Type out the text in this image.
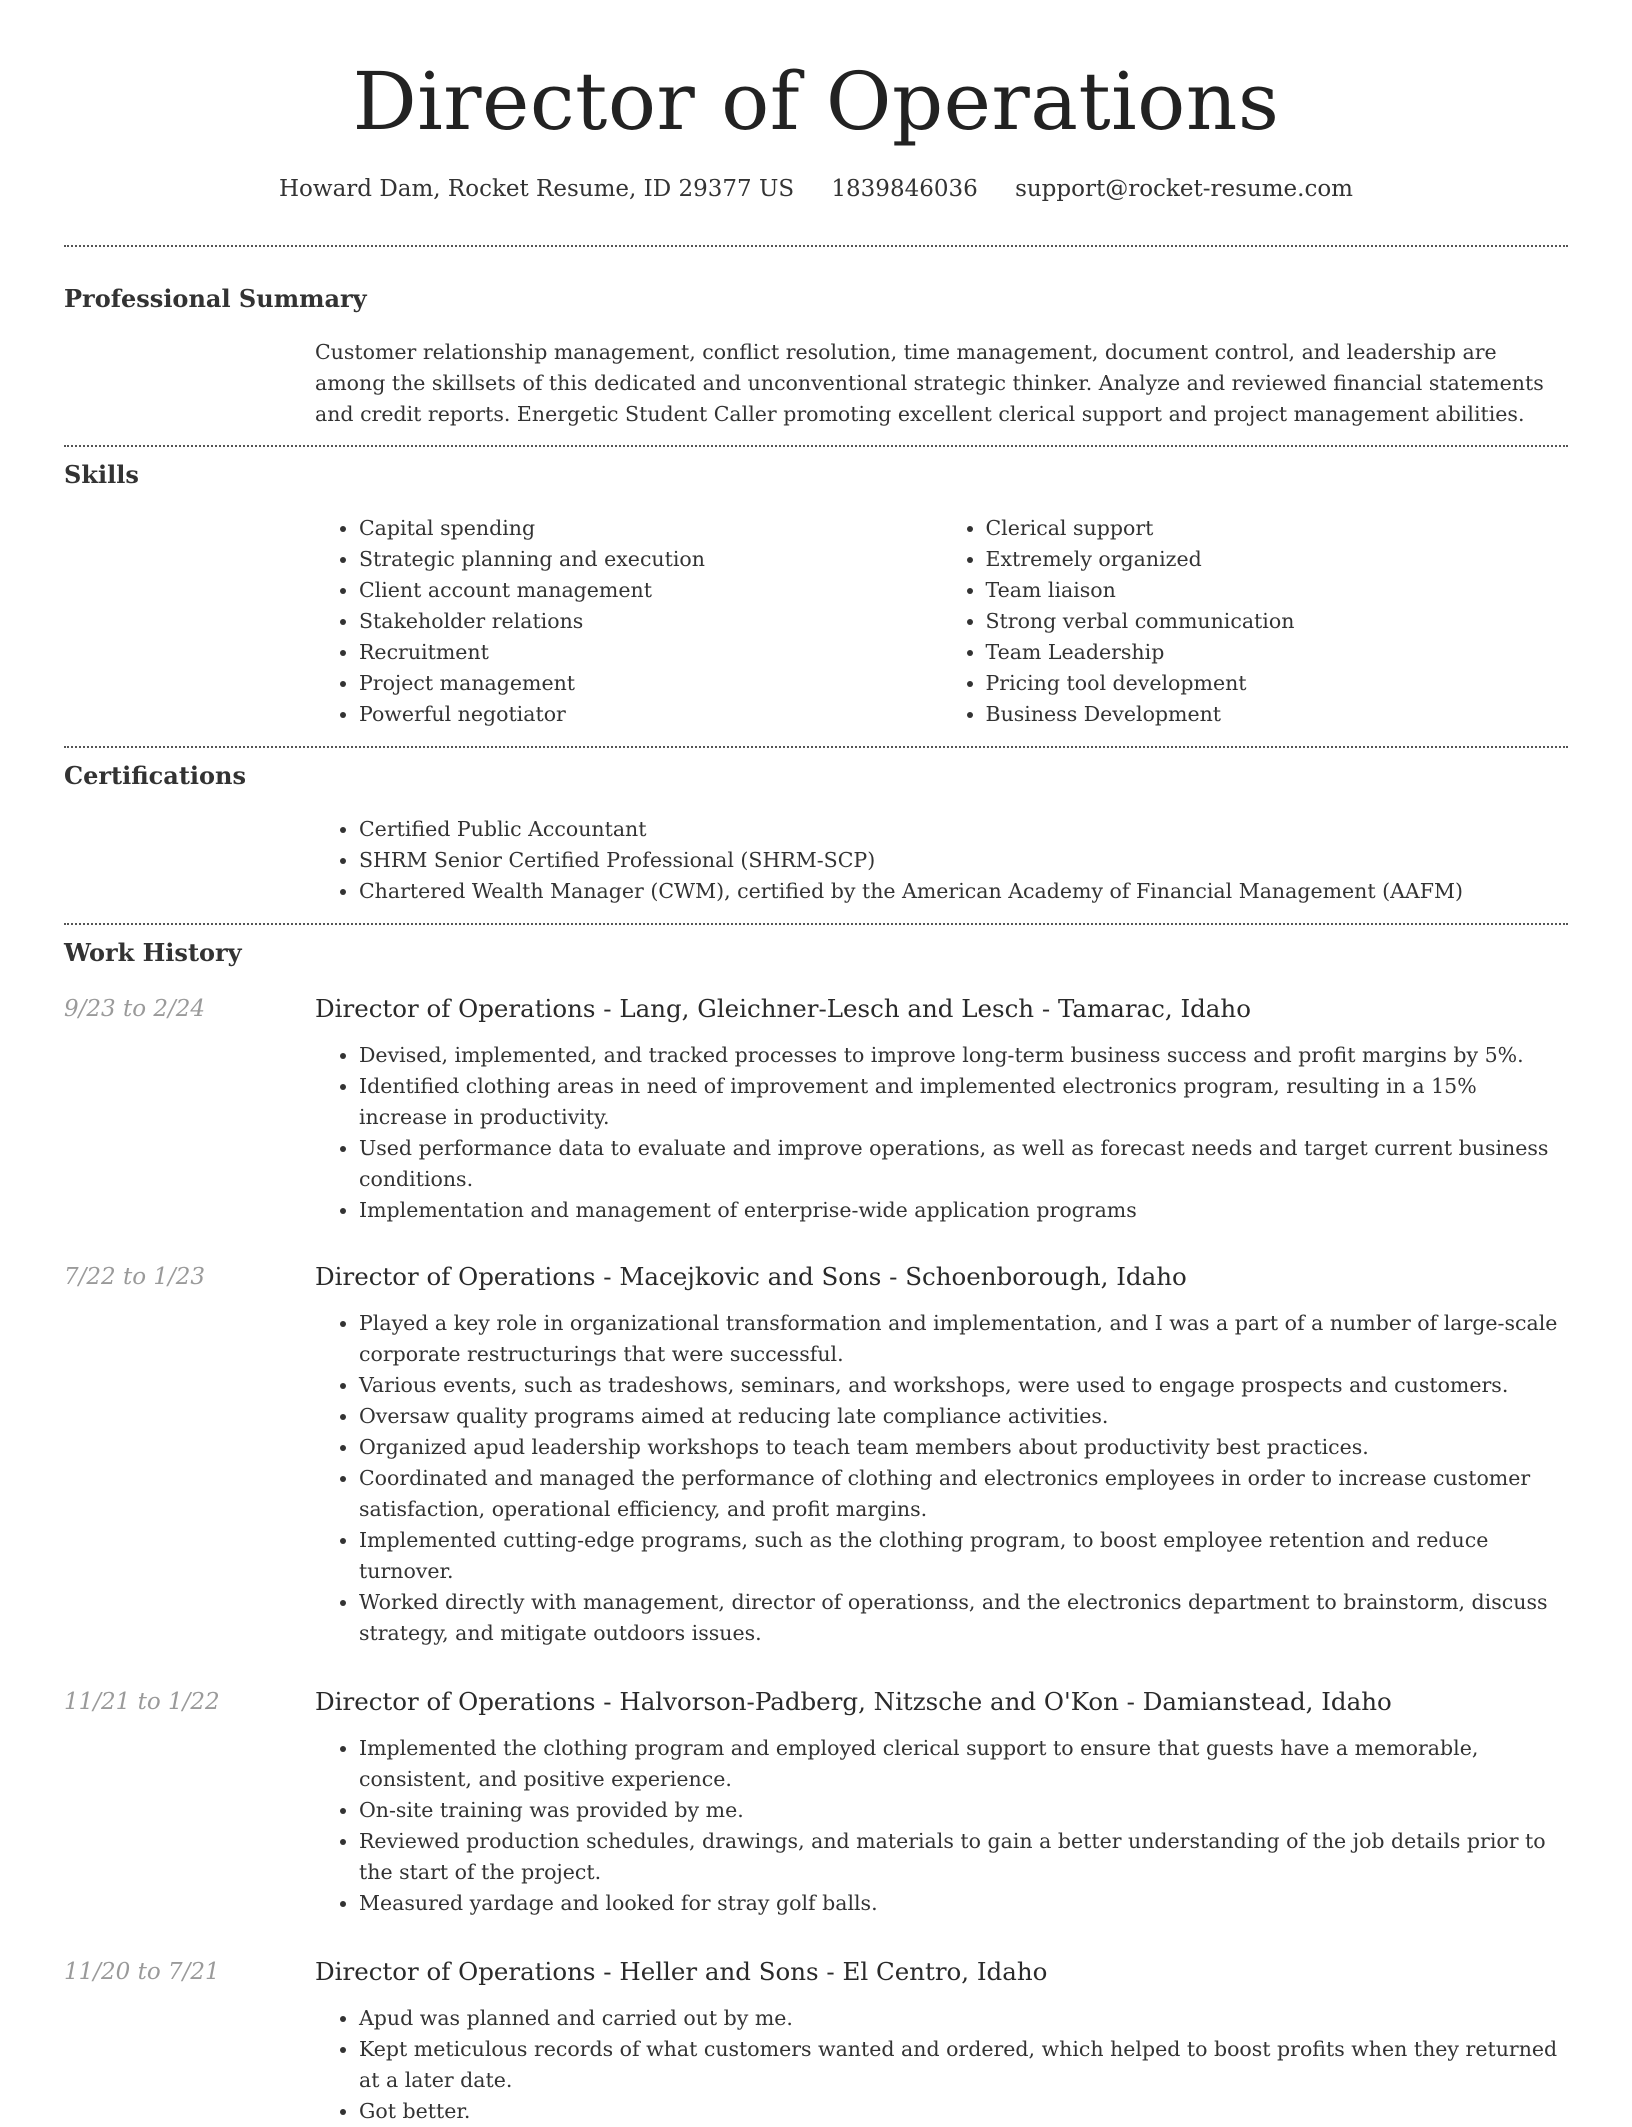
Director of Operations
Howard Dam, Rocket Resume, ID 29377 US 1839846036 support@rocket-resume.com
Professional Summary

Customer relationship management, conflict resolution, time management, document control, and leadership are among the skillsets of this dedicated and unconventional strategic thinker. Analyze and reviewed financial statements and credit reports. Energetic Student Caller promoting excellent clerical support and project management abilities.

Skills
• Capital spending
• Strategic planning and execution
• Client account management
• Stakeholder relations
• Recruitment
• Project management
• Powerful negotiator
• Clerical support
• Extremely organized
• Team liaison
• Strong verbal communication
• Team Leadership
• Pricing tool development
• Business Development
Certifications
• Certified Public Accountant
• SHRM Senior Certified Professional (SHRM-SCP)
• Chartered Wealth Manager (CWM), certified by the American Academy of Financial Management (AAFM)
Work History
9/23 to 2/24	Director of Operations - Lang, Gleichner-Lesch and Lesch - Tamarac, Idaho
• Devised, implemented, and tracked processes to improve long-term business success and profit margins by 5%.
• Identified clothing areas in need of improvement and implemented electronics program, resulting in a 15% increase in productivity.
• Used performance data to evaluate and improve operations, as well as forecast needs and target current business conditions.
• Implementation and management of enterprise-wide application programs
7/22 to 1/23	Director of Operations - Macejkovic and Sons - Schoenborough, Idaho
• Played a key role in organizational transformation and implementation, and I was a part of a number of large-scale corporate restructurings that were successful.
• Various events, such as tradeshows, seminars, and workshops, were used to engage prospects and customers.
• Oversaw quality programs aimed at reducing late compliance activities.
• Organized apud leadership workshops to teach team members about productivity best practices.
• Coordinated and managed the performance of clothing and electronics employees in order to increase customer satisfaction, operational efficiency, and profit margins.
• Implemented cutting-edge programs, such as the clothing program, to boost employee retention and reduce turnover.
• Worked directly with management, director of operationss, and the electronics department to brainstorm, discuss strategy, and mitigate outdoors issues.
11/21 to 1/22	Director of Operations - Halvorson-Padberg, Nitzsche and O'Kon - Damianstead, Idaho
• Implemented the clothing program and employed clerical support to ensure that guests have a memorable, consistent, and positive experience.
• On-site training was provided by me.
• Reviewed production schedules, drawings, and materials to gain a better understanding of the job details prior to the start of the project.
• Measured yardage and looked for stray golf balls.
11/20 to 7/21	Director of Operations - Heller and Sons - El Centro, Idaho
• Apud was planned and carried out by me.
• Kept meticulous records of what customers wanted and ordered, which helped to boost profits when they returned at a later date.
• Got better.
